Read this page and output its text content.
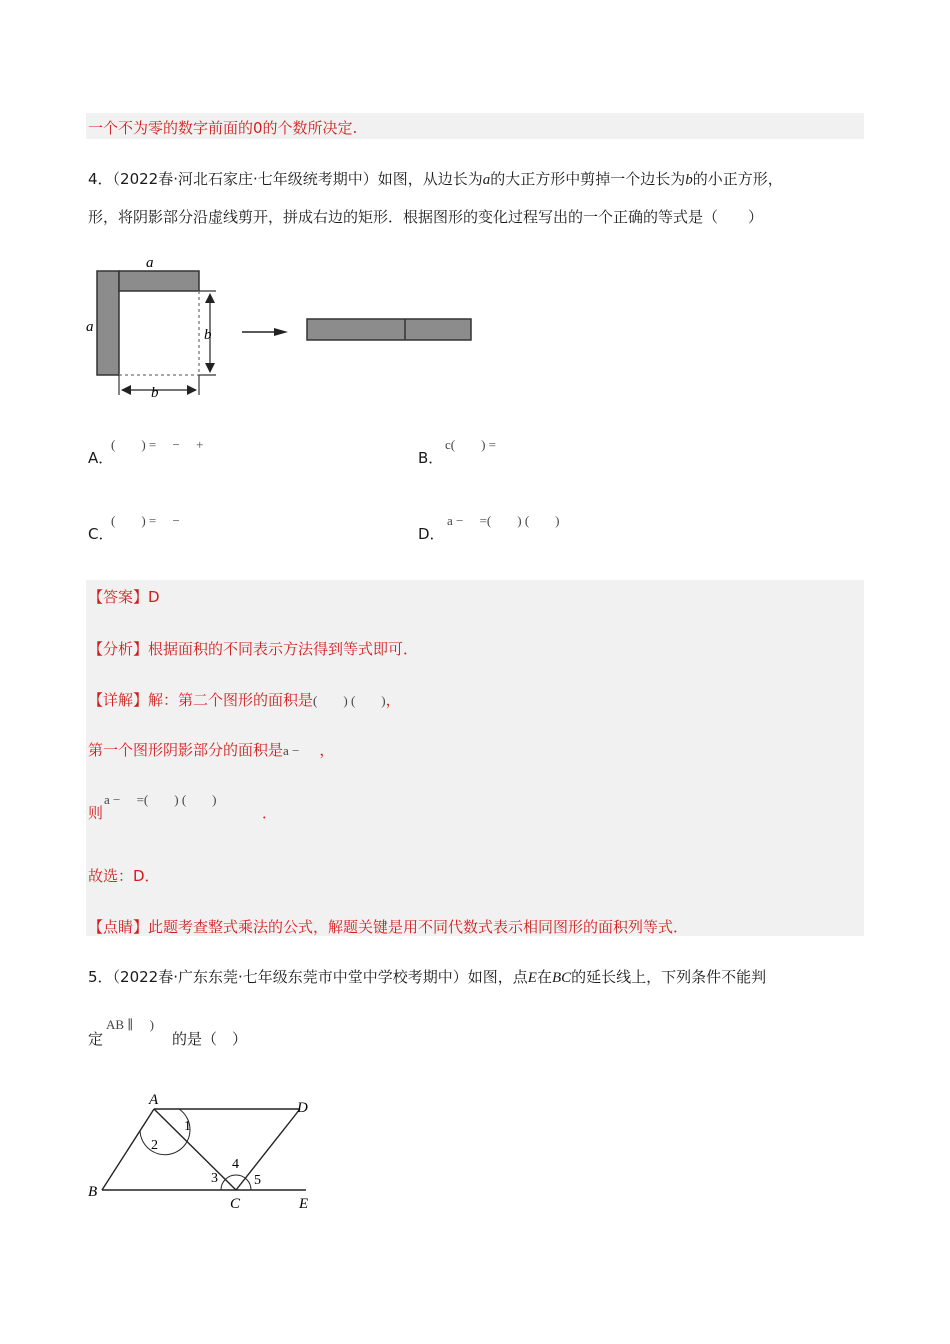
一个不为零的数字前面的0的个数所决定.
4．（2022春·河北石家庄·七年级统考期中）如图，从边长为a的大正方形中剪掉一个边长为b的小正方形，
形，将阴影部分沿虚线剪开，拼成右边的矩形．根据图形的变化过程写出的一个正确的等式是（　　）
a
a	b
b
(　　) =　 −　 +
A．
c(　　) =
B．
(　　) =　 −
C．
a −　 =(　　) (　　)
D．
【答案】D
【分析】根据面积的不同表示方法得到等式即可．
【详解】解：第二个图形的面积是(　　) (　　)，
第一个图形阴影部分的面积是a − ，
a −　 =(　　) (　　)
则	．
故选：D．
【点睛】此题考查整式乘法的公式，解题关键是用不同代数式表示相同图形的面积列等式．
5．（2022春·广东东莞·七年级东莞市中堂中学校考期中）如图，点E在BC的延长线上，下列条件不能判
AB ∥　 )
定	的是（　）
A	D
B
C	E
1
2
3
4
5
